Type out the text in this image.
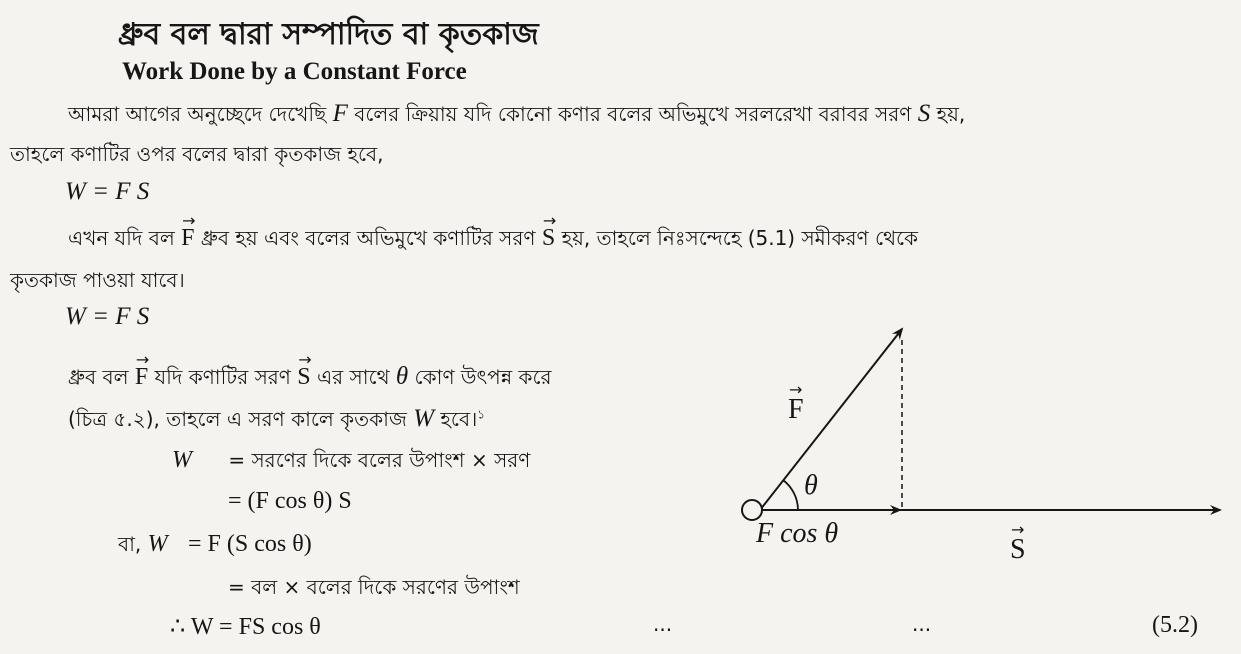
ধ্রুব বল দ্বারা সম্পাদিত বা কৃতকাজ
Work Done by a Constant Force
আমরা আগের অনুচ্ছেদে দেখেছি F বলের ক্রিয়ায় যদি কোনো কণার বলের অভিমুখে সরলরেখা বরাবর সরণ S হয়,
তাহলে কণাটির ওপর বলের দ্বারা কৃতকাজ হবে,
W = F S
এখন যদি বল → F ধ্রুব হয় এবং বলের অভিমুখে কণাটির সরণ → S হয়, তাহলে নিঃসন্দেহে (5.1) সমীকরণ থেকে
কৃতকাজ পাওয়া যাবে।
W = F S
ধ্রুব বল → F যদি কণাটির সরণ → S এর সাথে θ কোণ উৎপন্ন করে
(চিত্র ৫.২), তাহলে এ সরণ কালে কৃতকাজ W হবে।$^১$
W = সরণের দিকে বলের উপাংশ × সরণ
= (F cos θ) S
বা, W = F (S cos θ)
= বল × বলের দিকে সরণের উপাংশ
∴ W = FS cos θ	...	...	(5.2)
→ F
θ
F cos θ
→ S
